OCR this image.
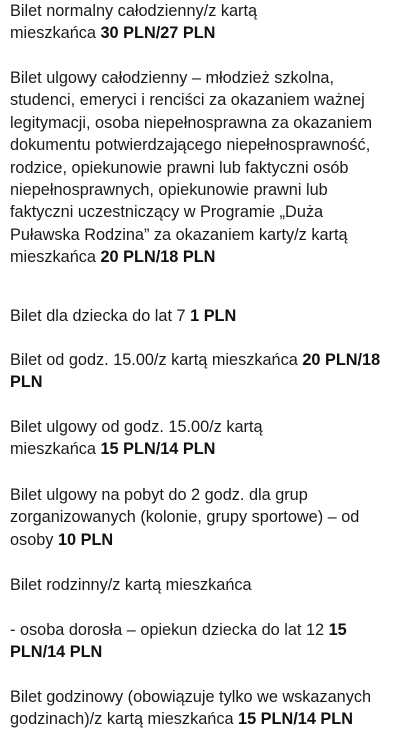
Bilet normalny całodzienny/z kartą
mieszkańca 30 PLN/27 PLN

Bilet ulgowy całodzienny – młodzież szkolna,
studenci, emeryci i renciści za okazaniem ważnej
legitymacji, osoba niepełnosprawna za okazaniem
dokumentu potwierdzającego niepełnosprawność,
rodzice, opiekunowie prawni lub faktyczni osób
niepełnosprawnych, opiekunowie prawni lub
faktyczni uczestniczący w Programie „Duża
Puławska Rodzina” za okazaniem karty/z kartą
mieszkańca 20 PLN/18 PLN

Bilet dla dziecka do lat 7 1 PLN

Bilet od godz. 15.00/z kartą mieszkańca 20 PLN/18
PLN

Bilet ulgowy od godz. 15.00/z kartą
mieszkańca 15 PLN/14 PLN

Bilet ulgowy na pobyt do 2 godz. dla grup
zorganizowanych (kolonie, grupy sportowe) – od
osoby 10 PLN

Bilet rodzinny/z kartą mieszkańca

- osoba dorosła – opiekun dziecka do lat 12 15
PLN/14 PLN

Bilet godzinowy (obowiązuje tylko we wskazanych
godzinach)/z kartą mieszkańca 15 PLN/14 PLN
